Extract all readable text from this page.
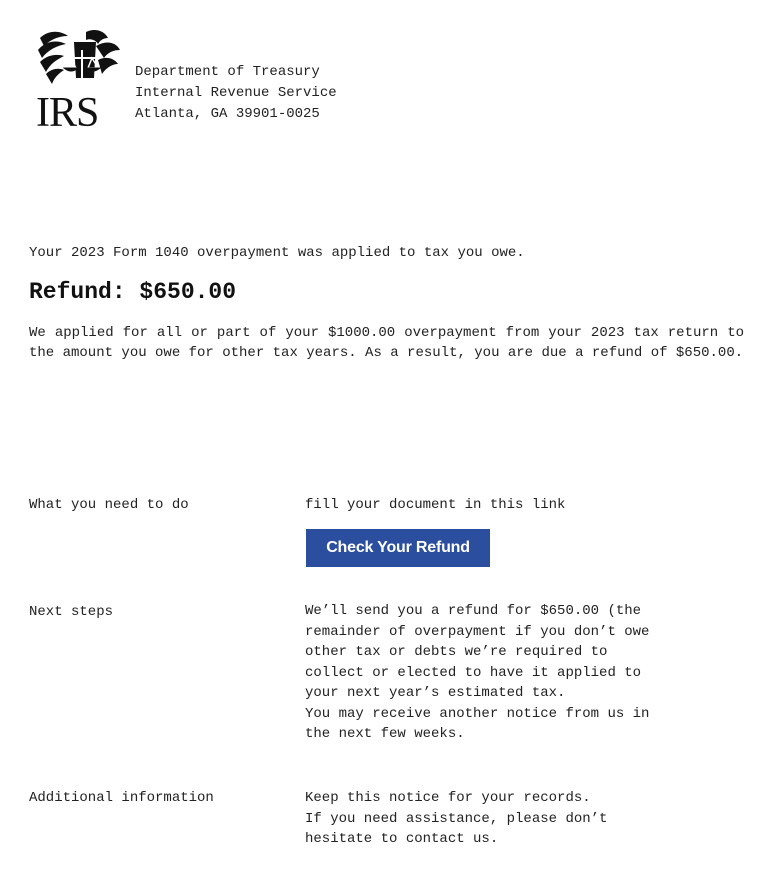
IRS
Department of Treasury
Internal Revenue Service
Atlanta, GA 39901-0025
Your 2023 Form 1040 overpayment was applied to tax you owe.
Refund: $650.00
We applied for all or part of your $1000.00 overpayment from your 2023 tax return to the amount you owe for other tax years. As a result, you are due a refund of $650.00.
What you need to do	fill your document in this link
Check Your Refund
Next steps	We’ll send you a refund for $650.00 (the
remainder of overpayment if you don’t owe
other tax or debts we’re required to
collect or elected to have it applied to
your next year’s estimated tax.
You may receive another notice from us in
the next few weeks.
Additional information	Keep this notice for your records.
If you need assistance, please don’t
hesitate to contact us.
